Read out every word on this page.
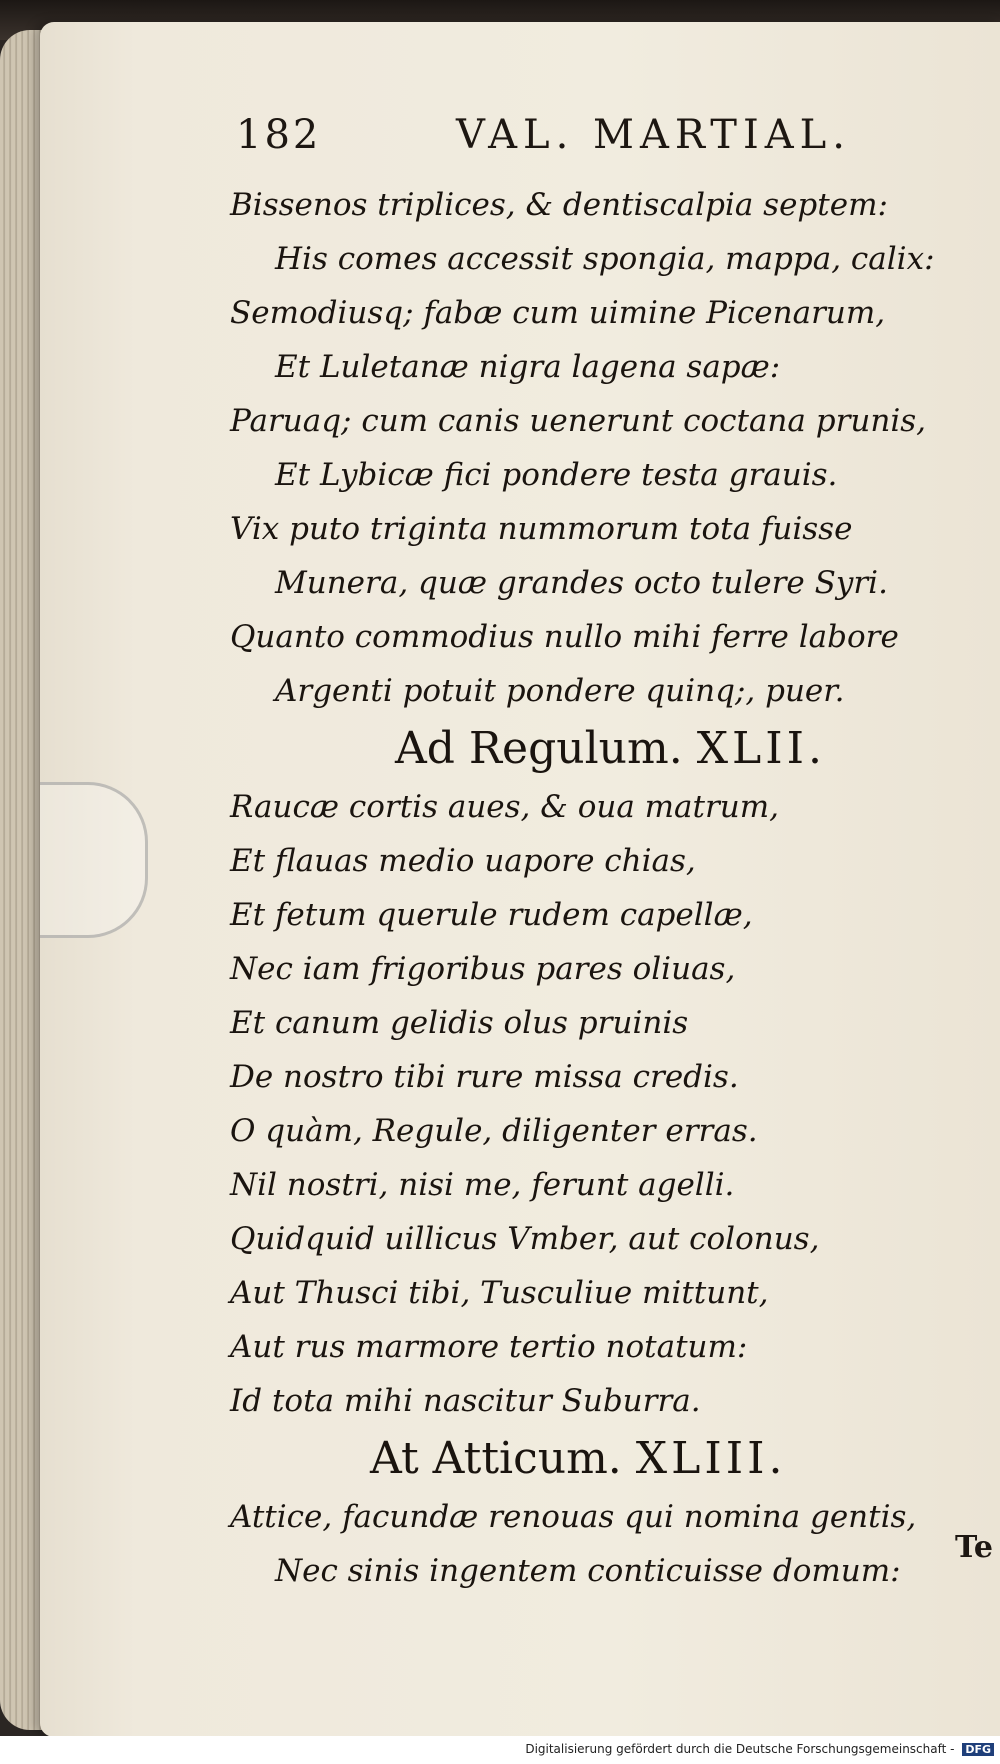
182	VAL. MARTIAL.
Bissenos triplices, & dentiscalpia septem:
His comes accessit spongia, mappa, calix:
Semodiusq; fabæ cum uimine Picenarum,
Et Luletanæ nigra lagena sapæ:
Paruaq; cum canis uenerunt coctana prunis,
Et Lybicæ fici pondere testa grauis.
Vix puto triginta nummorum tota fuisse
Munera, quæ grandes octo tulere Syri.
Quanto commodius nullo mihi ferre labore
Argenti potuit pondere quinq;, puer.
Ad Regulum. XLII.
Raucæ cortis aues, & oua matrum,
Et flauas medio uapore chias,
Et fetum querule rudem capellæ,
Nec iam frigoribus pares oliuas,
Et canum gelidis olus pruinis
De nostro tibi rure missa credis.
O quàm, Regule, diligenter erras.
Nil nostri, nisi me, ferunt agelli.
Quidquid uillicus Vmber, aut colonus,
Aut Thusci tibi, Tusculiue mittunt,
Aut rus marmore tertio notatum:
Id tota mihi nascitur Suburra.
At Atticum. XLIII.
Attice, facundæ renouas qui nomina gentis,
Nec sinis ingentem conticuisse domum:
Te
Digitalisierung gefördert durch die Deutsche Forschungsgemeinschaft - DFG
